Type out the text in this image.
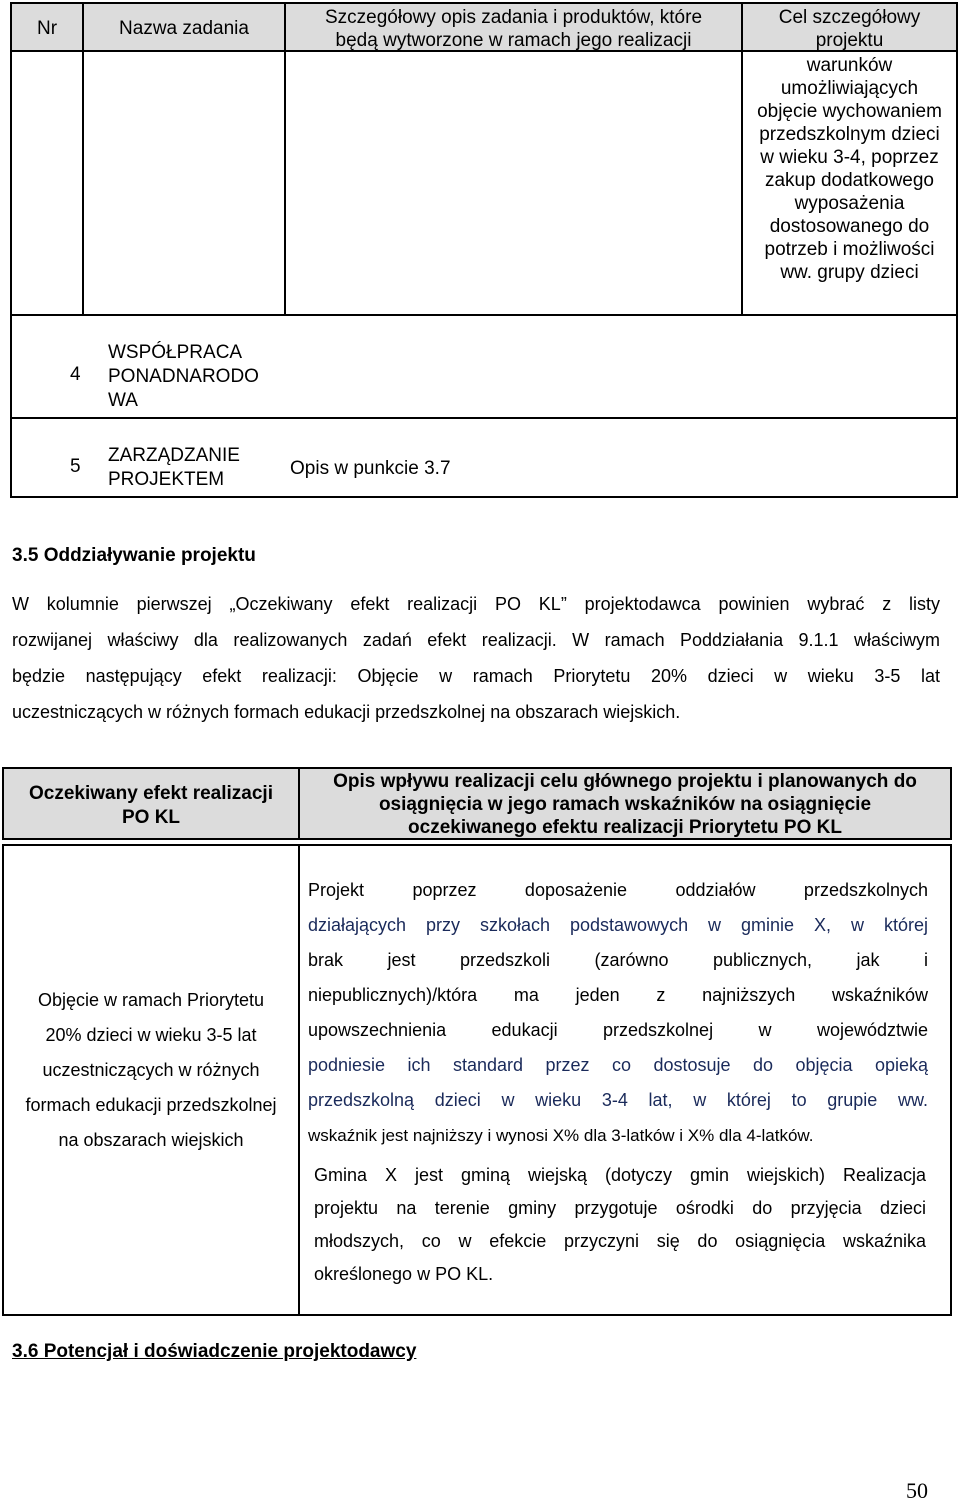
Nr	Nazwa zadania
Szczegółowy opis zadania i produktów, które
będą wytworzone w ramach jego realizacji
Cel szczegółowy
projektu
warunków
umożliwiających
objęcie wychowaniem
przedszkolnym dzieci
w wieku 3-4, poprzez
zakup dodatkowego
wyposażenia
dostosowanego do
potrzeb i możliwości
ww. grupy dzieci
4
WSPÓŁPRACA
PONADNARODO
WA
5
ZARZĄDZANIE
PROJEKTEM
Opis w punkcie 3.7
3.5 Oddziaływanie projektu
W kolumnie pierwszej „Oczekiwany efekt realizacji PO KL” projektodawca powinien wybrać z listy
rozwijanej właściwy dla realizowanych zadań efekt realizacji. W ramach Poddziałania 9.1.1 właściwym
będzie następujący efekt realizacji: Objęcie w ramach Priorytetu 20% dzieci w wieku 3-5 lat
uczestniczących w różnych formach edukacji przedszkolnej na obszarach wiejskich.
Oczekiwany efekt realizacji
PO KL
Opis wpływu realizacji celu głównego projektu i planowanych do
osiągnięcia w jego ramach wskaźników na osiągnięcie
oczekiwanego efektu realizacji Priorytetu PO KL
Objęcie w ramach Priorytetu
20% dzieci w wieku 3-5 lat
uczestniczących w różnych
formach edukacji przedszkolnej
na obszarach wiejskich
Projekt poprzez doposażenie oddziałów przedszkolnych
działających przy szkołach podstawowych w gminie X, w której
brak jest przedszkoli (zarówno publicznych, jak i
niepublicznych)/która ma jeden z najniższych wskaźników
upowszechnienia edukacji przedszkolnej w województwie
podniesie ich standard przez co dostosuje do objęcia opieką
przedszkolną dzieci w wieku 3-4 lat, w której to grupie ww.
wskaźnik jest najniższy i wynosi X% dla 3-latków i X% dla 4-latków.
Gmina X jest gminą wiejską (dotyczy gmin wiejskich) Realizacja
projektu na terenie gminy przygotuje ośrodki do przyjęcia dzieci
młodszych, co w efekcie przyczyni się do osiągnięcia wskaźnika
określonego w PO KL.
3.6 Potencjał i doświadczenie projektodawcy
50
